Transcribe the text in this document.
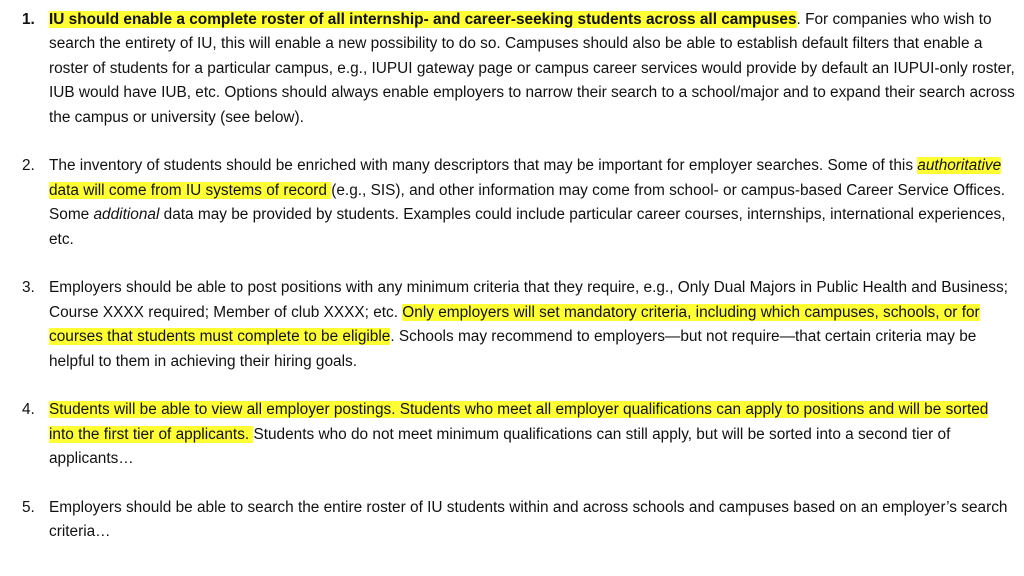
1. IU should enable a complete roster of all internship- and career-seeking students across all campuses. For companies who wish to search the entirety of IU, this will enable a new possibility to do so. Campuses should also be able to establish default filters that enable a roster of students for a particular campus, e.g., IUPUI gateway page or campus career services would provide by default an IUPUI-only roster, IUB would have IUB, etc. Options should always enable employers to narrow their search to a school/major and to expand their search across the campus or university (see below).

2. The inventory of students should be enriched with many descriptors that may be important for employer searches. Some of this authoritative data will come from IU systems of record (e.g., SIS), and other information may come from school- or campus-based Career Service Offices. Some additional data may be provided by students. Examples could include particular career courses, internships, international experiences, etc.

3. Employers should be able to post positions with any minimum criteria that they require, e.g., Only Dual Majors in Public Health and Business; Course XXXX required; Member of club XXXX; etc. Only employers will set mandatory criteria, including which campuses, schools, or for courses that students must complete to be eligible. Schools may recommend to employers—but not require—that certain criteria may be helpful to them in achieving their hiring goals.

4. Students will be able to view all employer postings. Students who meet all employer qualifications can apply to positions and will be sorted into the first tier of applicants. Students who do not meet minimum qualifications can still apply, but will be sorted into a second tier of applicants…

5. Employers should be able to search the entire roster of IU students within and across schools and campuses based on an employer’s search criteria…
